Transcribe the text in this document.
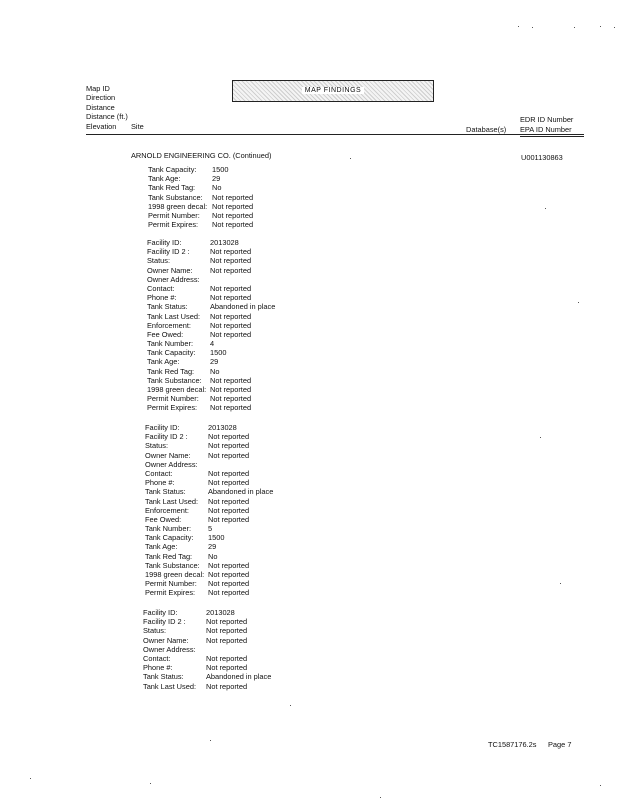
Map ID
Direction
Distance
Distance (ft.)
Elevation	Site
MAP FINDINGS
Database(s)
EDR ID Number
EPA ID Number
ARNOLD ENGINEERING CO. (Continued)	U001130863
Tank Capacity: 1500
Tank Age:	29
Tank Red Tag: No
Tank Substance: Not reported
1998 green decal: Not reported
Permit Number: Not reported
Permit Expires: Not reported
Facility ID:	2013028
Facility ID 2 :	Not reported
Status:	Not reported
Owner Name: Not reported
Owner Address:
Contact:	Not reported
Phone #:	Not reported
Tank Status:	Abandoned in place
Tank Last Used: Not reported
Enforcement:	Not reported
Fee Owed:	Not reported
Tank Number: 4
Tank Capacity: 1500
Tank Age:	29
Tank Red Tag: No
Tank Substance: Not reported
1998 green decal: Not reported
Permit Number: Not reported
Permit Expires: Not reported
Facility ID:	2013028
Facility ID 2 :	Not reported
Status:	Not reported
Owner Name: Not reported
Owner Address:
Contact:	Not reported
Phone #:	Not reported
Tank Status:	Abandoned in place
Tank Last Used: Not reported
Enforcement:	Not reported
Fee Owed:	Not reported
Tank Number: 5
Tank Capacity: 1500
Tank Age:	29
Tank Red Tag: No
Tank Substance: Not reported
1998 green decal: Not reported
Permit Number: Not reported
Permit Expires: Not reported
Facility ID:	2013028
Facility ID 2 :	Not reported
Status:	Not reported
Owner Name: Not reported
Owner Address:
Contact:	Not reported
Phone #:	Not reported
Tank Status:	Abandoned in place
Tank Last Used: Not reported
TC1587176.2s Page 7
